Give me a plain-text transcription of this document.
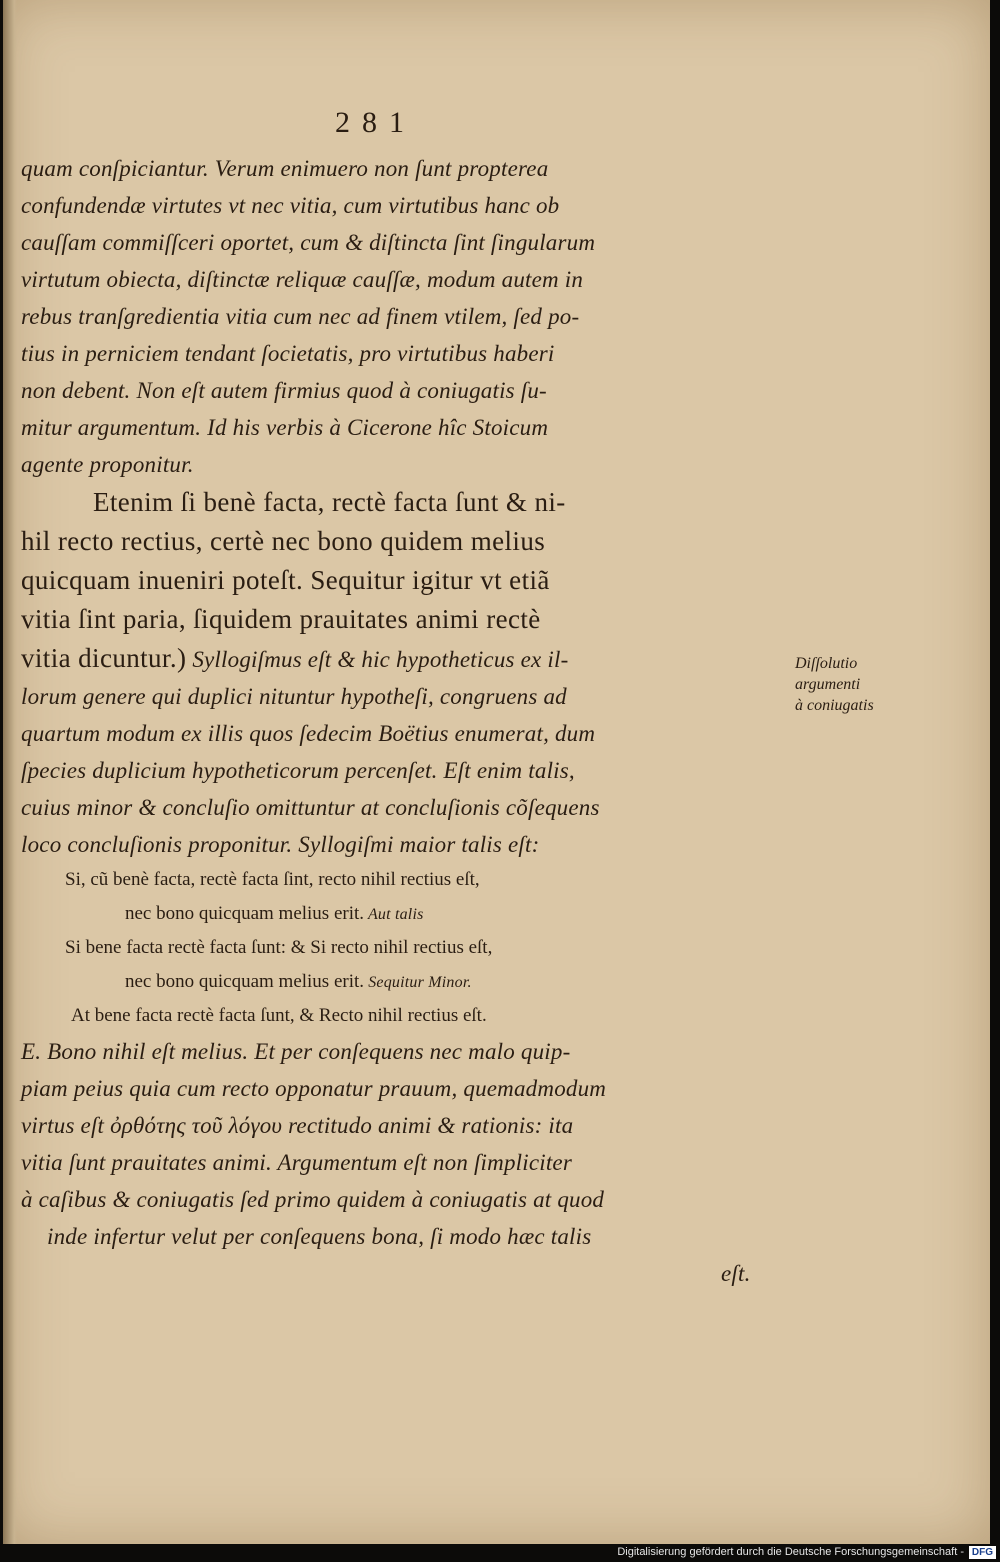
281

quam conſpiciantur. Verum enimuero non ſunt propterea
confundendæ virtutes vt nec vitia, cum virtutibus hanc ob
cauſſam commiſſceri oportet, cum & diſtincta ſint ſingularum
virtutum obiecta, diſtinctæ reliquæ cauſſæ, modum autem in
rebus tranſgredientia vitia cum nec ad finem vtilem, ſed po-
tius in perniciem tendant ſocietatis, pro virtutibus haberi
non debent. Non eſt autem firmius quod à coniugatis ſu-
mitur argumentum. Id his verbis à Cicerone hîc Stoicum
agente proponitur.
Etenim ſi benè facta, rectè facta ſunt & ni-
hil recto rectius, certè nec bono quidem melius
quicquam inueniri poteſt. Sequitur igitur vt etiã
vitia ſint paria, ſiquidem prauitates animi rectè
vitia dicuntur.) Syllogiſmus eſt & hic hypotheticus ex il-
lorum genere qui duplici nituntur hypotheſi, congruens ad
quartum modum ex illis quos ſedecim Boëtius enumerat, dum
ſpecies duplicium hypotheticorum percenſet. Eſt enim talis,
cuius minor & concluſio omittuntur at concluſionis cõſequens
loco concluſionis proponitur. Syllogiſmi maior talis eſt:
Si, cũ benè facta, rectè facta ſint, recto nihil rectius eſt,
nec bono quicquam melius erit. Aut talis
Si bene facta rectè facta ſunt: & Si recto nihil rectius eſt,
nec bono quicquam melius erit. Sequitur Minor.
At bene facta rectè facta ſunt, & Recto nihil rectius eſt.
E. Bono nihil eſt melius. Et per conſequens nec malo quip-
piam peius quia cum recto opponatur prauum, quemadmodum
virtus eſt ὀρθότης τοῦ λόγου rectitudo animi & rationis: ita
vitia ſunt prauitates animi. Argumentum eſt non ſimpliciter
à caſibus & coniugatis ſed primo quidem à coniugatis at quod
inde infertur velut per conſequens bona, ſi modo hæc talis
eſt.
Diſſolutio
argumenti
à coniugatis

Digitalisierung gefördert durch die Deutsche Forschungsgemeinschaft - DFG
